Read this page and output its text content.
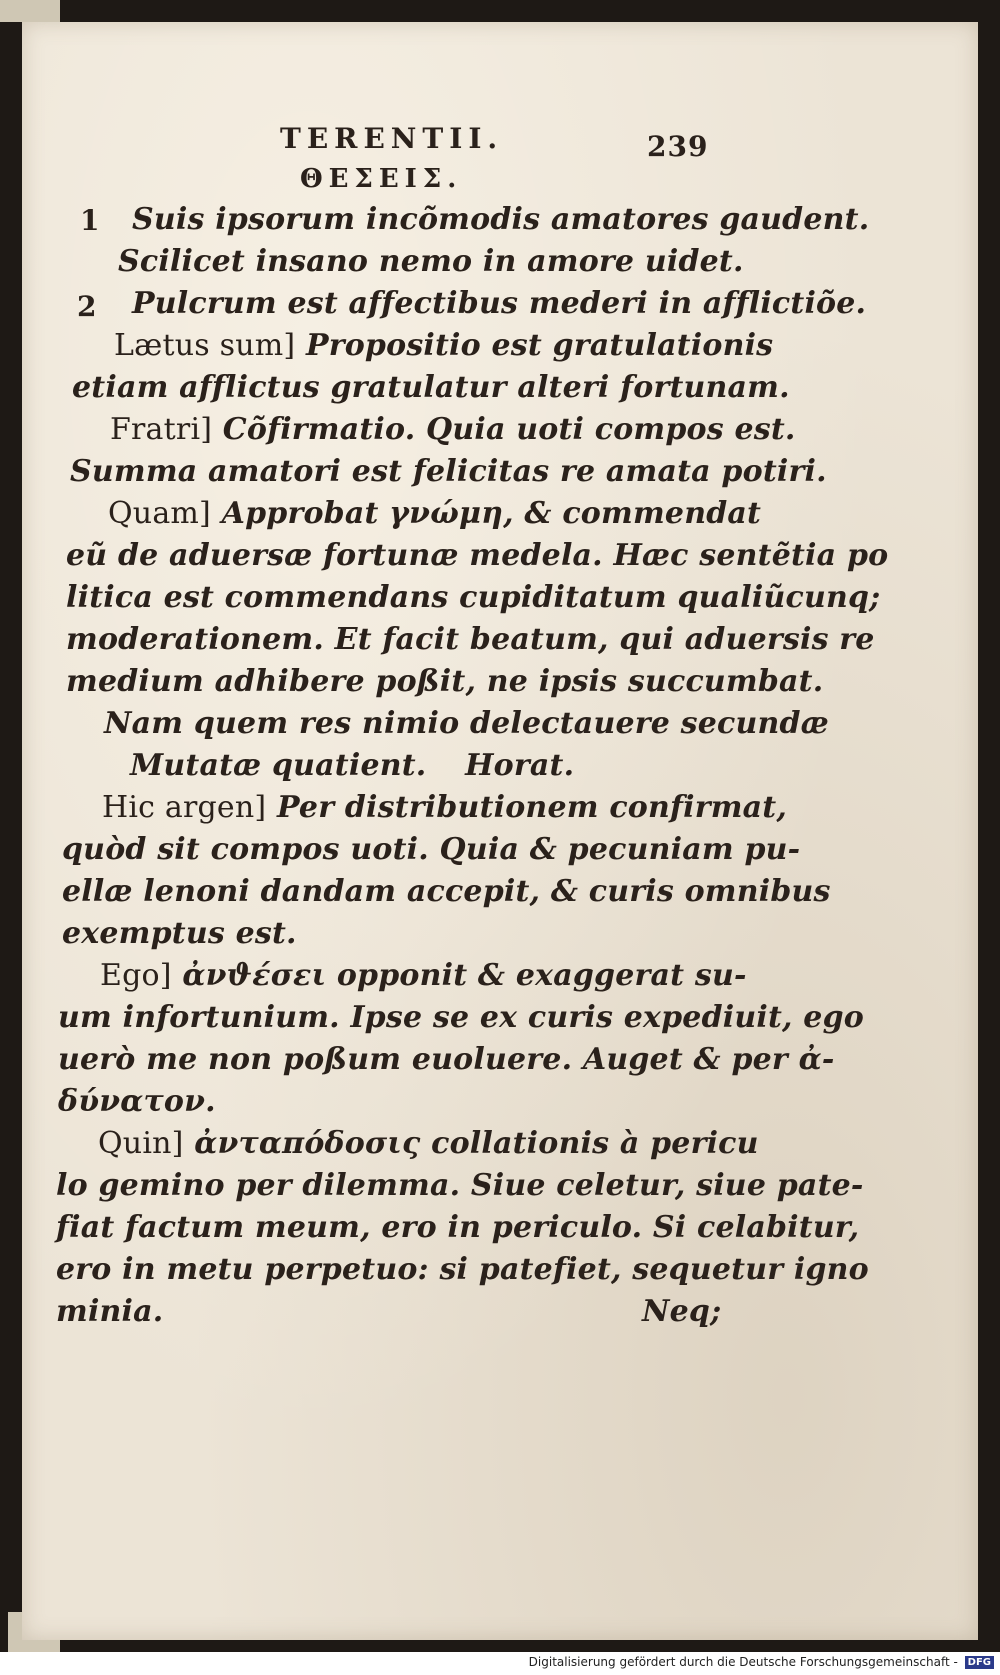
TERENTII.	239
ΘΕΣΕΙΣ.
1 Suis ipsorum incõmodis amatores gaudent.
Scilicet insano nemo in amore uidet.
2 Pulcrum est affectibus mederi in afflictiõe.
Lætus sum] Propositio est gratulationis
etiam afflictus gratulatur alteri fortunam.
Fratri] Cõfirmatio. Quia uoti compos est.
Summa amatori est felicitas re amata potiri.
Quam] Approbat γνώμη, & commendat
eũ de aduersæ fortunæ medela. Hæc sentẽtia po
litica est commendans cupiditatum qualiũcunq;
moderationem. Et facit beatum, qui aduersis re
medium adhibere poßit, ne ipsis succumbat.
Nam quem res nimio delectauere secundæ
Mutatæ quatient. Horat.
Hic argen] Per distributionem confirmat,
quòd sit compos uoti. Quia & pecuniam pu-
ellæ lenoni dandam accepit, & curis omnibus
exemptus est.
Ego] ἀνϑέσει opponit & exaggerat su-
um infortunium. Ipse se ex curis expediuit, ego
uerò me non poßum euoluere. Auget & per ἀ-
δύνατον.
Quin] ἀνταπόδοσις collationis à pericu
lo gemino per dilemma. Siue celetur, siue pate-
fiat factum meum, ero in periculo. Si celabitur,
ero in metu perpetuo: si patefiet, sequetur igno
minia.	Neq;
Digitalisierung gefördert durch die Deutsche Forschungsgemeinschaft - DFG
